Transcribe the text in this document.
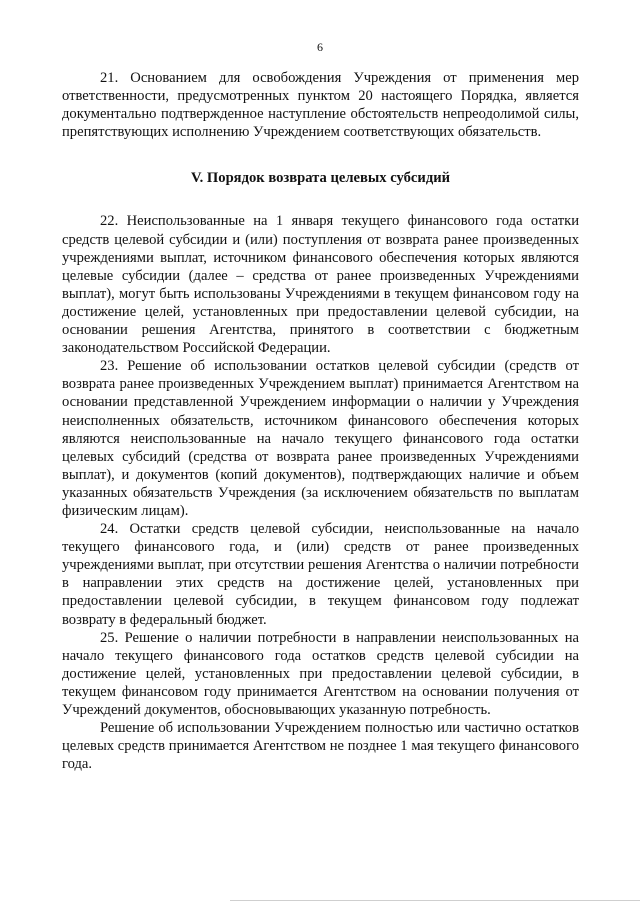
6

21. Основанием для освобождения Учреждения от применения мер ответственности, предусмотренных пунктом 20 настоящего Порядка, является документально подтвержденное наступление обстоятельств непреодолимой силы, препятствующих исполнению Учреждением соответствующих обязательств.

V. Порядок возврата целевых субсидий

22. Неиспользованные на 1 января текущего финансового года остатки средств целевой субсидии и (или) поступления от возврата ранее произведенных учреждениями выплат, источником финансового обеспечения которых являются целевые субсидии (далее – средства от ранее произведенных Учреждениями выплат), могут быть использованы Учреждениями в текущем финансовом году на достижение целей, установленных при предоставлении целевой субсидии, на основании решения Агентства, принятого в соответствии с бюджетным законодательством Российской Федерации.

23. Решение об использовании остатков целевой субсидии (средств от возврата ранее произведенных Учреждением выплат) принимается Агентством на основании представленной Учреждением информации о наличии у Учреждения неисполненных обязательств, источником финансового обеспечения которых являются неиспользованные на начало текущего финансового года остатки целевых субсидий (средства от возврата ранее произведенных Учреждениями выплат), и документов (копий документов), подтверждающих наличие и объем указанных обязательств Учреждения (за исключением обязательств по выплатам физическим лицам).

24. Остатки средств целевой субсидии, неиспользованные на начало текущего финансового года, и (или) средств от ранее произведенных учреждениями выплат, при отсутствии решения Агентства о наличии потребности в направлении этих средств на достижение целей, установленных при предоставлении целевой субсидии, в текущем финансовом году подлежат возврату в федеральный бюджет.

25. Решение о наличии потребности в направлении неиспользованных на начало текущего финансового года остатков средств целевой субсидии на достижение целей, установленных при предоставлении целевой субсидии, в текущем финансовом году принимается Агентством на основании получения от Учреждений документов, обосновывающих указанную потребность.

Решение об использовании Учреждением полностью или частично остатков целевых средств принимается Агентством не позднее 1 мая текущего финансового года.
